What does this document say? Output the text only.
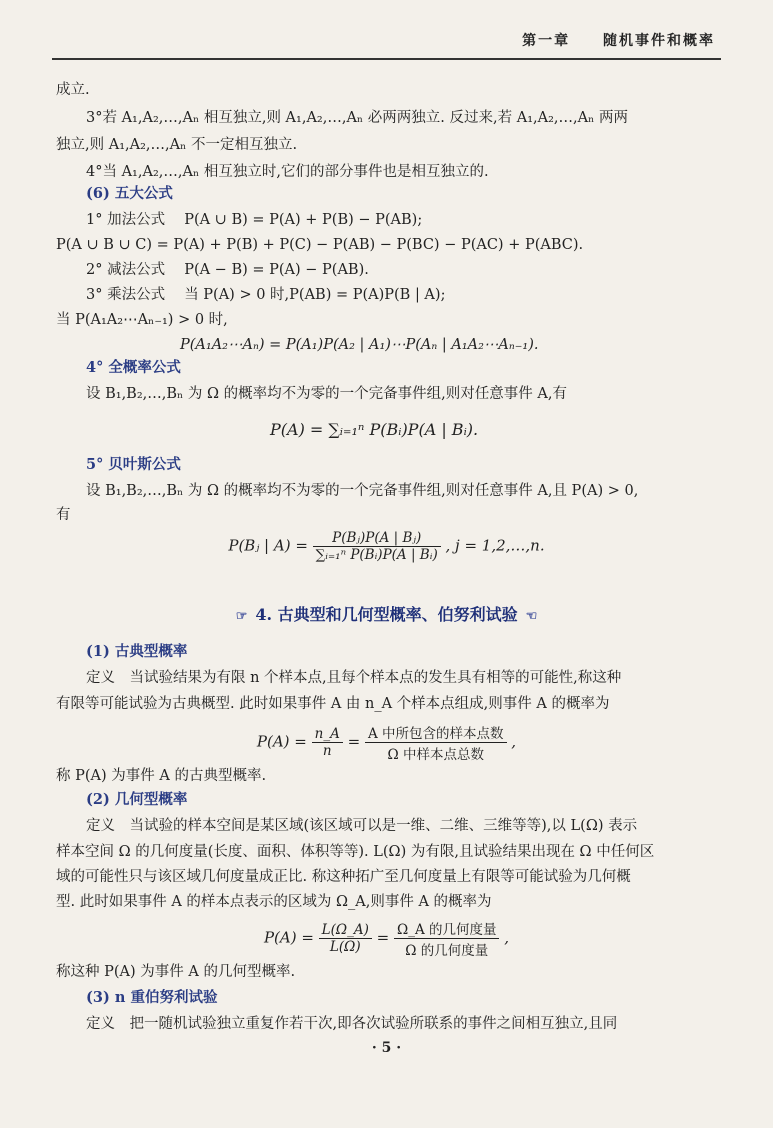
第一章 随机事件和概率
成立.
3°若 A₁,A₂,…,Aₙ 相互独立,则 A₁,A₂,…,Aₙ 必两两独立. 反过来,若 A₁,A₂,…,Aₙ 两两
独立,则 A₁,A₂,…,Aₙ 不一定相互独立.
4°当 A₁,A₂,…,Aₙ 相互独立时,它们的部分事件也是相互独立的.
(6) 五大公式
1° 加法公式　 P(A ∪ B) = P(A) + P(B) − P(AB);
P(A ∪ B ∪ C) = P(A) + P(B) + P(C) − P(AB) − P(BC) − P(AC) + P(ABC).
2° 减法公式　 P(A − B) = P(A) − P(AB).
3° 乘法公式　 当 P(A) > 0 时,P(AB) = P(A)P(B | A);
当 P(A₁A₂⋯Aₙ₋₁) > 0 时,
P(A₁A₂⋯Aₙ) = P(A₁)P(A₂ | A₁)⋯P(Aₙ | A₁A₂⋯Aₙ₋₁).
4° 全概率公式
设 B₁,B₂,…,Bₙ 为 Ω 的概率均不为零的一个完备事件组,则对任意事件 A,有
P(A) = ∑ᵢ₌₁ⁿ P(Bᵢ)P(A | Bᵢ).
5° 贝叶斯公式
设 B₁,B₂,…,Bₙ 为 Ω 的概率均不为零的一个完备事件组,则对任意事件 A,且 P(A) > 0,
有
P(Bⱼ | $A) = \frac{\text{P(Bⱼ)P(A | Bⱼ)}}{\text{∑ᵢ₌₁ⁿ P(Bᵢ)P(A | Bᵢ)}}$ , j = 1,2,…,n.
☞ 4. 古典型和几何型概率、伯努利试验 ☜
(1) 古典型概率
定义　当试验结果为有限 n 个样本点,且每个样本点的发生具有相等的可能性,称这种
有限等可能试验为古典概型. 此时如果事件 A 由 n_A 个样本点组成,则事件 A 的概率为
$P(A) = \frac{n\_A}{n} = \frac{\text{A 中所包含的样本点数}}{\text{Ω 中样本点总数}}$ ,
称 P(A) 为事件 A 的古典型概率.
(2) 几何型概率
定义　当试验的样本空间是某区域(该区域可以是一维、二维、三维等等),以 L(Ω) 表示
样本空间 Ω 的几何度量(长度、面积、体积等等). L(Ω) 为有限,且试验结果出现在 Ω 中任何区
域的可能性只与该区域几何度量成正比. 称这种拓广至几何度量上有限等可能试验为几何概
型. 此时如果事件 A 的样本点表示的区域为 Ω_A,则事件 A 的概率为
$P(A) = \frac{L(\Omega\_A)}{L(\Omega)} = \frac{\text{Ω\_A 的几何度量}}{\text{Ω 的几何度量}}$ ,
称这种 P(A) 为事件 A 的几何型概率.
(3) n 重伯努利试验
定义　把一随机试验独立重复作若干次,即各次试验所联系的事件之间相互独立,且同
· 5 ·
